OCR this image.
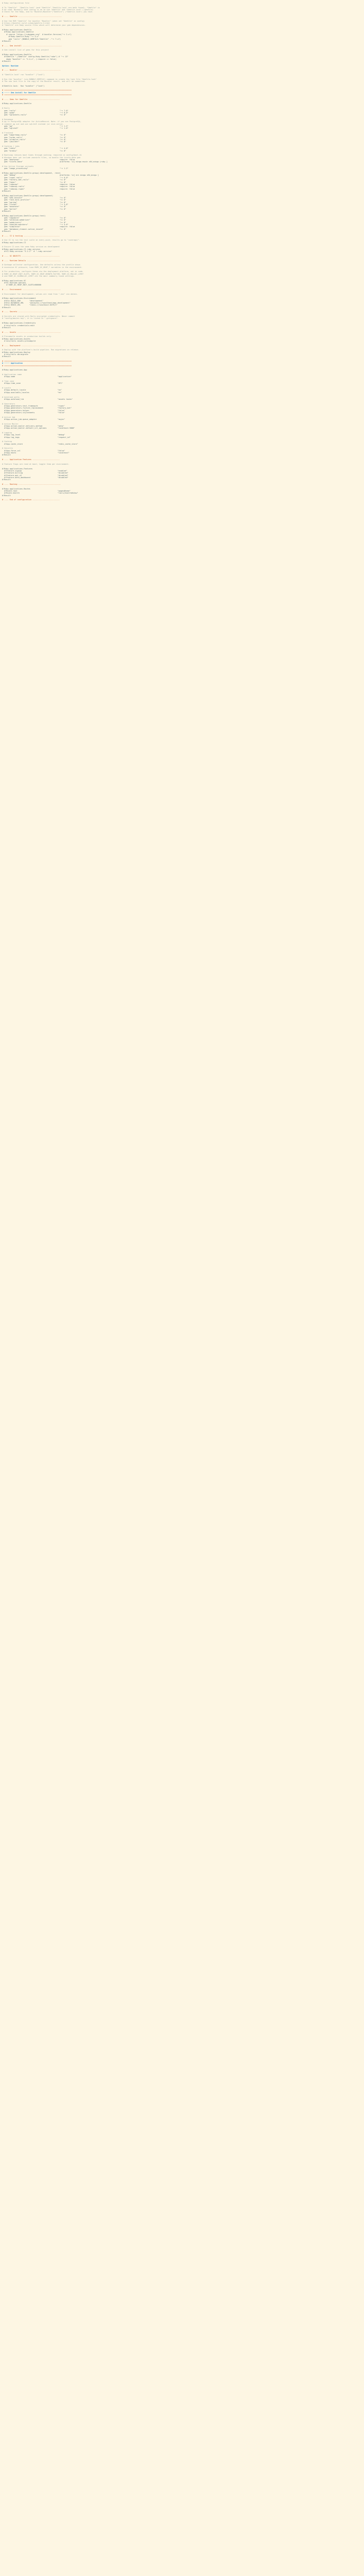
# Ruby configuration file

# To "Gemfile"  "Gemfile.lock" (and "Gemfile" "Gemfile.lock" are both found), "Gemfile" is
# be read. Normally that config is ok to use "Gemfile" and "Gemfile.lock" (:gemfile)
# Check for the Ruby, and to "Bundler/Bundler"("Gemfile") ("Gemfile.lock") you have.

# ---- Gemfile ----------------------------------------

# Use the RVM "Gemfile" for bundler "Bundler" (when set "Gemfile" in config)
# https://bundler.io/v2.x/man/gemfile.5.html
# "Gemfile" are Ruby source files which will determine your gem dependencies.

#!Ruby.applications.Gemfile
#!Ruby.applications.Gemfile
# source "https://rubygems.org"  # bundler.Version("~> 2.x")
#!Ruby.Gemfile.Ruby "~> 3.x"
gem "rails" (BUNDLE_GEMFILE="Gemfile" -"~> 7.x")
#!Result

# ---- Gem install ------------------------------------

# Gem install list of gems for this project

#!Ruby.applications.Gemfile
#!Gemfile "./Gemfile" config.Ruby.Gemfile("rake") # "~> 13"
#gem "bundler" >= "2.4.x", (:require => false)
#!Result

Option: Runtime

# ---- Bundler ---------------------------------------

# "Gemfile.lock" run "bundler" ("lock")

# Run the "bundler" (via BUNDLE_GEMFILE) command to create the lock file "Gemfile.lock"
# The new lock file is the copy of the Bundler result, and will be committed.

#!Gemfile.lock:  Run "bundler" ("lock")

# ==============================================================
# ----- Gem install for Gemfile
# ==============================================================

# ---- Gems for Gemfile: ----------------------------

#!Ruby.applications.Gemfile

# Rails
gem "rails"                                        "~> 7.0"
gem "puma"                                         "~> 6.0"
gem "sprockets-rails"                              ">= 0"

# Database
# pg is PostgreSQL adapter for ActiveRecord. Note: if you use PostgreSQL,
# comment pg out and use sqlite3 instead (or vice-versa).
gem "pg"                                           "~> 1.5"
gem "sqlite3"                                      "~> 1.6"

# Frontend
gem "importmap-rails"                              ">= 0"
gem "turbo-rails"                                  ">= 0"
gem "stimulus-rails"                               ">= 0"
gem "jbuilder"                                     ">= 0"

# Caching / jobs
gem "redis"                                        "~> 4.0"
gem "kredis"                                       ">= 0"

# Bootsnap reduces boot times through caching; required in config/boot.rb
# Windows does not include zoneinfo files, so bundle the tzinfo-data gem
gem "bootsnap"                                     require: false
gem "tzinfo-data"                                  platforms: %i[ mingw mswin x64_mingw jruby ]

# Use Active Storage variants
gem "image_processing"                             "~> 1.2"

#!Ruby.applications.Gemfile.group(:development, :test)
gem "debug"                                        platforms: %i[ mri mingw x64_mingw ]
gem "rspec-rails"                                  "~> 6.0"
gem "factory_bot_rails"                            ">= 0"
gem "faker"                                        ">= 0"
gem "rubocop"                                      require: false
gem "rubocop-rails"                                require: false
gem "rubocop-rspec"                                require: false
#!Result

#!Ruby.applications.Gemfile.group(:development)
gem "web-console"                                  ">= 0"
gem "rack-mini-profiler"                           ">= 0"
gem "spring"                                       ">= 0"
gem "listen"                                       "~> 3.8"
gem "annotate"                                     ">= 0"
gem "bullet"                                       ">= 0"
#!Result

#!Ruby.applications.Gemfile.group(:test)
gem "capybara"                                     ">= 0"
gem "selenium-webdriver"                           ">= 0"
gem "webdrivers"                                   ">= 0"
gem "shoulda-matchers"                             "~> 5.0"
gem "simplecov"                                    require: false
gem "database_cleaner-active_record"               ">= 0"
#!Result

# ---- CI & testing ---------------------------------

# Use CI to run the test suite on every push; results go to "coverage/".
#!Ruby.applications.CI

# Ensure CI uses the same Ruby version as development
#!Ruby.applications.CI.ruby_version
#!CI.Ruby.version "3.2.2"  # ".ruby-version"

# ---- GC OBJECTS -----------------------------------

# ---- Runtime Details -------------------------------

# Garbage collector configuration. Use defaults unless the profile shows
# excessive GC pressure; tune RUBY_GC_HEAP_* variables in the environment.

# For production, configure these via the deployment platform, not in code.
# RUBY_GC_HEAP_INIT_SLOTS, RUBY_GC_HEAP_GROWTH_FACTOR, RUBY_GC_MALLOC_LIMIT
# and RUBY_GC_OLDMALLOC_LIMIT are the most commonly tuned settings.

#!Ruby.applications.GC
#!GC.Runtime.options
# RUBY_GC_HEAP_INIT_SLOTS=600000

# ---- Environment -----------------------------------

# Environment for development; values are read from ".env" via dotenv.

#!Ruby.applications.Environment
#!Env.RAILS_ENV        "development"
#!Env.DATABASE_URL     "postgres://localhost/app_development"
#!Env.REDIS_URL        "redis://localhost:6379/1"
#!Result

# ---- Secrets ---------------------------------------

# Secrets are stored with Rails encrypted credentials. Never commit
# "config/master.key"; it is listed in ".gitignore".

#!Ruby.applications.Credentials
# bin/rails credentials:edit
#!Result

# ---- Assets ----------------------------------------

# Precompile assets in production builds only.
#!Ruby.applications.Assets
# bin/rails assets:precompile

# ---- Deployment ------------------------------------

# Deploy with the platform's build pipeline. Run migrations on release.
#!Ruby.applications.Deploy
# bin/rails db:migrate
#!Result

# ==============================================================
# ----- Application
# ==============================================================

#!Ruby.applications.App

# Application name
#!App.name                                       "application"

# Time zone
#!App.time_zone                                  "UTC"

# Locale
#!App.default_locale                             "en"
#!App.available_locales                          "en"

# Autoload paths
#!App.autoload_lib                               "assets tasks"

# Generators
#!App.generators.test_framework                  "rspec"
#!App.generators.fixture_replacement             "factory_bot"
#!App.generators.helper                          "false"
#!App.generators.stylesheets                     "false"

# Active Job
#!App.active_job.queue_adapter                   "async"

# Action Mailer
#!App.action_mailer.delivery_method              "smtp"
#!App.action_mailer.default_url_options          "localhost:3000"

# Logging
#!App.log_level                                  "debug"
#!App.log_tags                                   "request_id"

# Caching
#!App.cache_store                                "redis_cache_store"

# Security
#!App.force_ssl                                  "false"
#!App.hosts                                      "localhost"
#!Result

# ---- Application Features -------------------------

# Feature flags are read at boot; toggle them per environment.

#!Ruby.applications.Features
#!Feature.signup                                 "enabled"
#!Feature.billing                                "disabled"
#!Feature.api_v2                                 "disabled"
#!Feature.beta_dashboard                         "disabled"
#!Result

# ---- Routing ---------------------------------------

#!Ruby.applications.Routes
#!Route.root                                     "pages#home"
#!Route.health                                   "rails/health#show"
#!Result

# ---- End of configuration -------------------------
